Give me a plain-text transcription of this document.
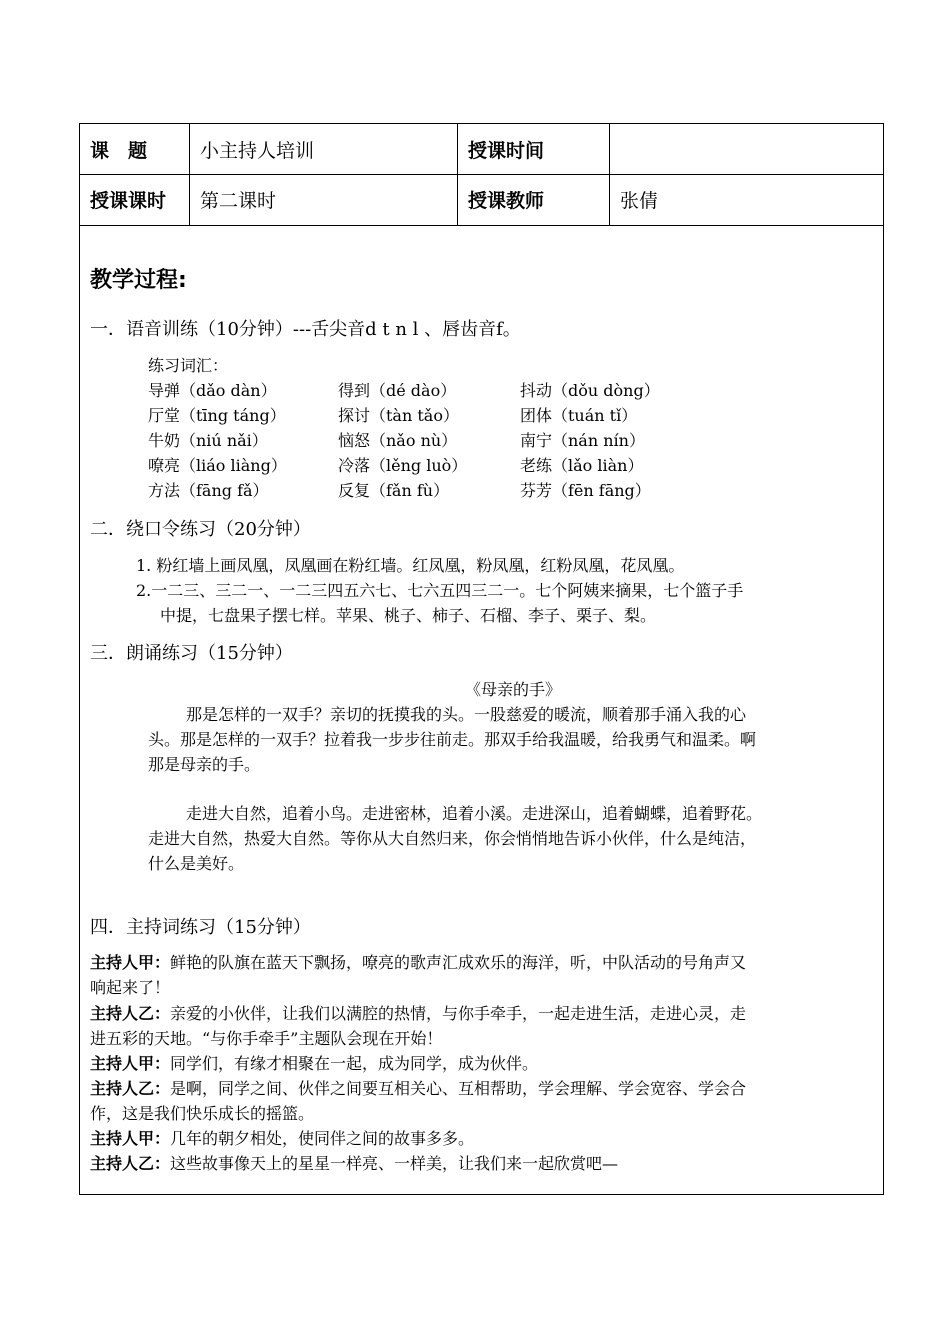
课　题	小主持人培训	授课时间
授课课时	第二课时	授课教师	张倩
教学过程:
一．语音训练（10分钟）---舌尖音d t n l 、唇齿音f。
练习词汇：
导弹（dǎo dàn）	得到（dé dào）	抖动（dǒu dòng）
厅堂（tīng táng）	探讨（tàn tǎo）	团体（tuán tǐ）
牛奶（niú nǎi）	恼怒（nǎo nù）	南宁（nán nín）
嘹亮（liáo liàng）	冷落（lěng luò）	老练（lǎo liàn）
方法（fāng fǎ）	反复（fǎn fù）	芬芳（fēn fāng）
二．绕口令练习（20分钟）
1. 粉红墙上画凤凰，凤凰画在粉红墙。红凤凰，粉凤凰，红粉凤凰，花凤凰。
2.一二三、三二一、一二三四五六七、七六五四三二一。七个阿姨来摘果，七个篮子手
中提，七盘果子摆七样。苹果、桃子、柿子、石榴、李子、栗子、梨。
三．朗诵练习（15分钟）
《母亲的手》
那是怎样的一双手？亲切的抚摸我的头。一股慈爱的暖流，顺着那手涌入我的心
头。那是怎样的一双手？拉着我一步步往前走。那双手给我温暖，给我勇气和温柔。啊
那是母亲的手。
走进大自然，追着小鸟。走进密林，追着小溪。走进深山，追着蝴蝶，追着野花。
走进大自然，热爱大自然。等你从大自然归来，你会悄悄地告诉小伙伴，什么是纯洁，
什么是美好。
四．主持词练习（15分钟）
主持人甲：鲜艳的队旗在蓝天下飘扬，嘹亮的歌声汇成欢乐的海洋，听，中队活动的号角声又
响起来了！
主持人乙：亲爱的小伙伴，让我们以满腔的热情，与你手牵手，一起走进生活，走进心灵，走
进五彩的天地。“与你手牵手”主题队会现在开始！
主持人甲：同学们，有缘才相聚在一起，成为同学，成为伙伴。
主持人乙：是啊，同学之间、伙伴之间要互相关心、互相帮助，学会理解、学会宽容、学会合
作，这是我们快乐成长的摇篮。
主持人甲：几年的朝夕相处，使同伴之间的故事多多。
主持人乙：这些故事像天上的星星一样亮、一样美，让我们来一起欣赏吧—
